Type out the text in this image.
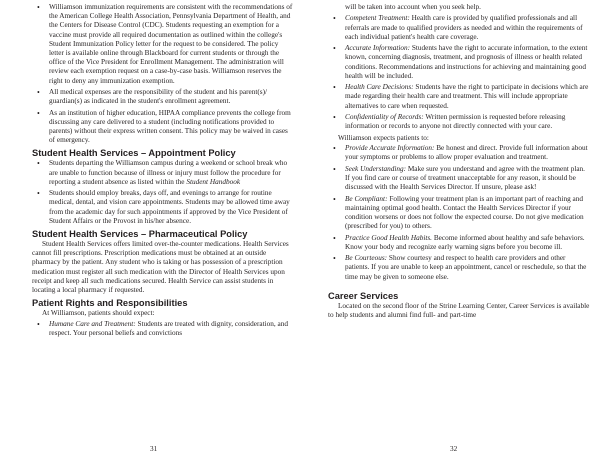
• Williamson immunization requirements are consistent with the recommendations of the American College Health Association, Pennsylvania Department of Health, and the Centers for Disease Control (CDC). Students requesting an exemption for a vaccine must provide all required documentation as outlined within the college's Student Immunization Policy letter for the request to be considered. The policy letter is available online through Blackboard for current students or through the office of the Vice President for Enrollment Management. The administration will review each exemption request on a case-by-case basis. Williamson reserves the right to deny any immunization exemption.
• All medical expenses are the responsibility of the student and his parent(s)/ guardian(s) as indicated in the student's enrollment agreement.
• As an institution of higher education, HIPAA compliance prevents the college from discussing any care delivered to a student (including notifications provided to parents) without their express written consent. This policy may be waived in cases of emergency.
Student Health Services – Appointment Policy
• Students departing the Williamson campus during a weekend or school break who are unable to function because of illness or injury must follow the procedure for reporting a student absence as listed within the Student Handbook
• Students should employ breaks, days off, and evenings to arrange for routine medical, dental, and vision care appointments. Students may be allowed time away from the academic day for such appointments if approved by the Vice President of Student Affairs or the Provost in his/her absence.
Student Health Services – Pharmaceutical Policy

Student Health Services offers limited over-the-counter medications. Health Services cannot fill prescriptions. Prescription medications must be obtained at an outside pharmacy by the patient. Any student who is taking or has possession of a prescription medication must register all such medication with the Director of Health Services upon receipt and keep all such medications secured. Health Service can assist students in locating a local pharmacy if requested.

Patient Rights and Responsibilities

At Williamson, patients should expect:

• Humane Care and Treatment: Students are treated with dignity, consideration, and respect. Your personal beliefs and convictions
31
will be taken into account when you seek help.
• Competent Treatment: Health care is provided by qualified professionals and all referrals are made to qualified providers as needed and within the requirements of each individual patient's health care coverage.
• Accurate Information: Students have the right to accurate information, to the extent known, concerning diagnosis, treatment, and prognosis of illness or health related conditions. Recommendations and instructions for achieving and maintaining good health will be included.
• Health Care Decisions: Students have the right to participate in decisions which are made regarding their health care and treatment. This will include appropriate alternatives to care when requested.
• Confidentiality of Records: Written permission is requested before releasing information or records to anyone not directly connected with your care.

Williamson expects patients to:

• Provide Accurate Information: Be honest and direct. Provide full information about your symptoms or problems to allow proper evaluation and treatment.
• Seek Understanding: Make sure you understand and agree with the treatment plan. If you find care or course of treatment unacceptable for any reason, it should be discussed with the Health Services Director. If unsure, please ask!
• Be Compliant: Following your treatment plan is an important part of reaching and maintaining optimal good health. Contact the Health Services Director if your condition worsens or does not follow the expected course. Do not give medication (prescribed for you) to others.
• Practice Good Health Habits. Become informed about healthy and safe behaviors. Know your body and recognize early warning signs before you become ill.
• Be Courteous: Show courtesy and respect to health care providers and other patients. If you are unable to keep an appointment, cancel or reschedule, so that the time may be given to someone else.
Career Services

Located on the second floor of the Strine Learning Center, Career Services is available to help students and alumni find full- and part-time

32
